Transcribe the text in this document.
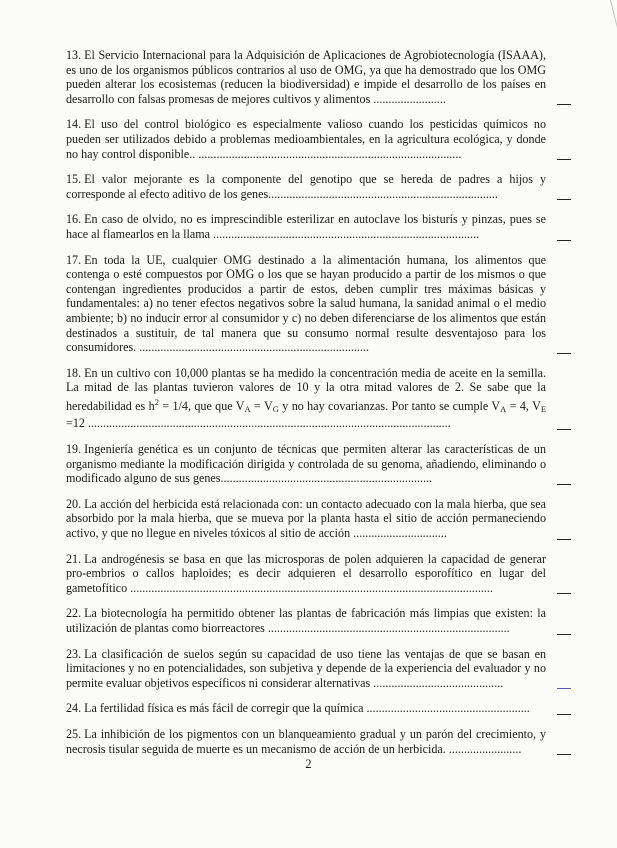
13. El Servicio Internacional para la Adquisición de Aplicaciones de Agrobiotecnología (ISAAA), es uno de los organismos públicos contrarios al uso de OMG, ya que ha demostrado que los OMG pueden alterar los ecosistemas (reducen la biodiversidad) e impide el desarrollo de los países en desarrollo con falsas promesas de mejores cultivos y alimentos ........................
14. El uso del control biológico es especialmente valioso cuando los pesticidas químicos no pueden ser utilizados debido a problemas medioambientales, en la agricultura ecológica, y donde no hay control disponible.. .......................................................................................
15. El valor mejorante es la componente del genotipo que se hereda de padres a hijos y corresponde al efecto aditivo de los genes............................................................................
16. En caso de olvido, no es imprescindible esterilizar en autoclave los bisturís y pinzas, pues se hace al flamearlos en la llama ........................................................................................
17. En toda la UE, cualquier OMG destinado a la alimentación humana, los alimentos que contenga o esté compuestos por OMG o los que se hayan producido a partir de los mismos o que contengan ingredientes producidos a partir de estos, deben cumplir tres máximas básicas y fundamentales: a) no tener efectos negativos sobre la salud humana, la sanidad animal o el medio ambiente; b) no inducir error al consumidor y c) no deben diferenciarse de los alimentos que están destinados a sustituir, de tal manera que su consumo normal resulte desventajoso para los consumidores. ............................................................................
18. En un cultivo con 10,000 plantas se ha medido la concentración media de aceite en la semilla. La mitad de las plantas tuvieron valores de 10 y la otra mitad valores de 2. Se sabe que la heredabilidad es $h^2 = 1/4$, que que $V_A = V_G$ y no hay covarianzas. Por tanto se cumple $V_A = 4$, $V_E =12$ ........................................................................................................................
19. Ingeniería genética es un conjunto de técnicas que permiten alterar las características de un organismo mediante la modificación dirigida y controlada de su genoma, añadiendo, eliminando o modificado alguno de sus genes......................................................................
20. La acción del herbicida está relacionada con: un contacto adecuado con la mala hierba, que sea absorbido por la mala hierba, que se mueva por la planta hasta el sitio de acción permaneciendo activo, y que no llegue en niveles tóxicos al sitio de acción ...............................
21. La androgénesis se basa en que las microsporas de polen adquieren la capacidad de generar pro-embrios o callos haploides; es decir adquieren el desarrollo esporofítico en lugar del gametofítico ........................................................................................................................
22. La biotecnología ha permitido obtener las plantas de fabricación más limpias que existen: la utilización de plantas como biorreactores ................................................................................
23. La clasificación de suelos según su capacidad de uso tiene las ventajas de que se basan en limitaciones y no en potencialidades, son subjetiva y depende de la experiencia del evaluador y no permite evaluar objetivos específicos ni considerar alternativas ...........................................
24. La fertilidad física es más fácil de corregir que la química ......................................................
25. La inhibición de los pigmentos con un blanqueamiento gradual y un parón del crecimiento, y necrosis tisular seguida de muerte es un mecanismo de acción de un herbicida. ........................
2
